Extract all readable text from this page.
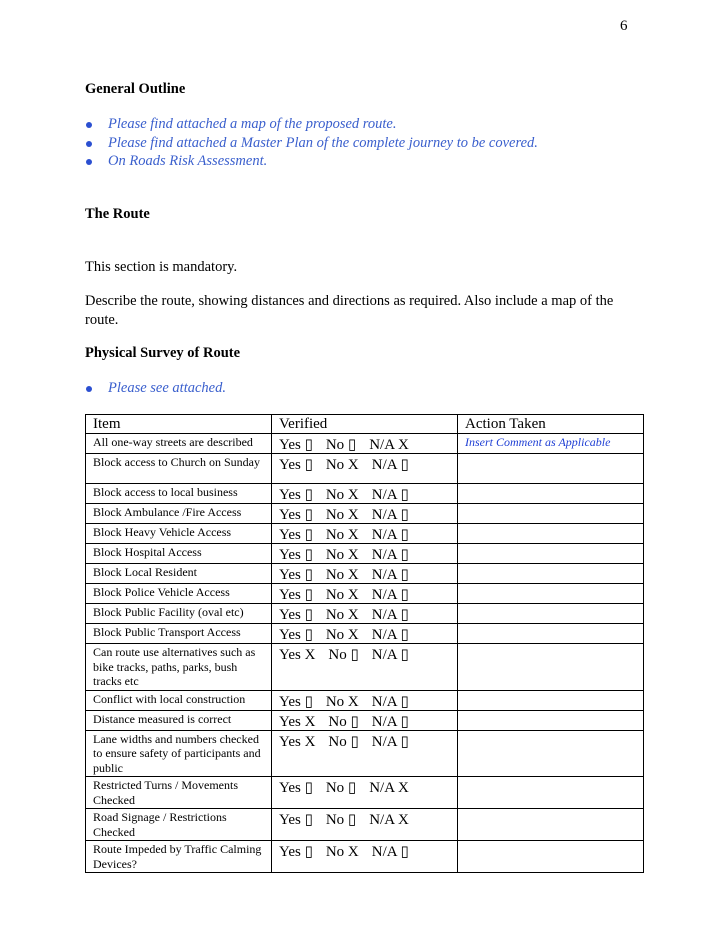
6
General Outline
Please find attached a map of the proposed route.
Please find attached a Master Plan of the complete journey to be covered.
On Roads Risk Assessment.
The Route
This section is mandatory.
Describe the route, showing distances and directions as required. Also include a map of the route.
Physical Survey of Route
Please see attached.
Item	Verified	Action Taken
All one-way streets are described	Yes ▯ No ▯ N/A X	Insert Comment as Applicable
Block access to Church on Sunday	Yes ▯ No X N/A ▯	
Block access to local business	Yes ▯ No X N/A ▯	
Block Ambulance /Fire Access	Yes ▯ No X N/A ▯	
Block Heavy Vehicle Access	Yes ▯ No X N/A ▯	
Block Hospital Access	Yes ▯ No X N/A ▯	
Block Local Resident	Yes ▯ No X N/A ▯	
Block Police Vehicle Access	Yes ▯ No X N/A ▯	
Block Public Facility (oval etc)	Yes ▯ No X N/A ▯	
Block Public Transport Access	Yes ▯ No X N/A ▯	
Can route use alternatives such as bike tracks, paths, parks, bush tracks etc	Yes X No ▯ N/A ▯	
Conflict with local construction	Yes ▯ No X N/A ▯	
Distance measured is correct	Yes X No ▯ N/A ▯	
Lane widths and numbers checked to ensure safety of participants and public	Yes X No ▯ N/A ▯	
Restricted Turns / Movements Checked	Yes ▯ No ▯ N/A X	
Road Signage / Restrictions Checked	Yes ▯ No ▯ N/A X	
Route Impeded by Traffic Calming Devices?	Yes ▯ No X N/A ▯	
